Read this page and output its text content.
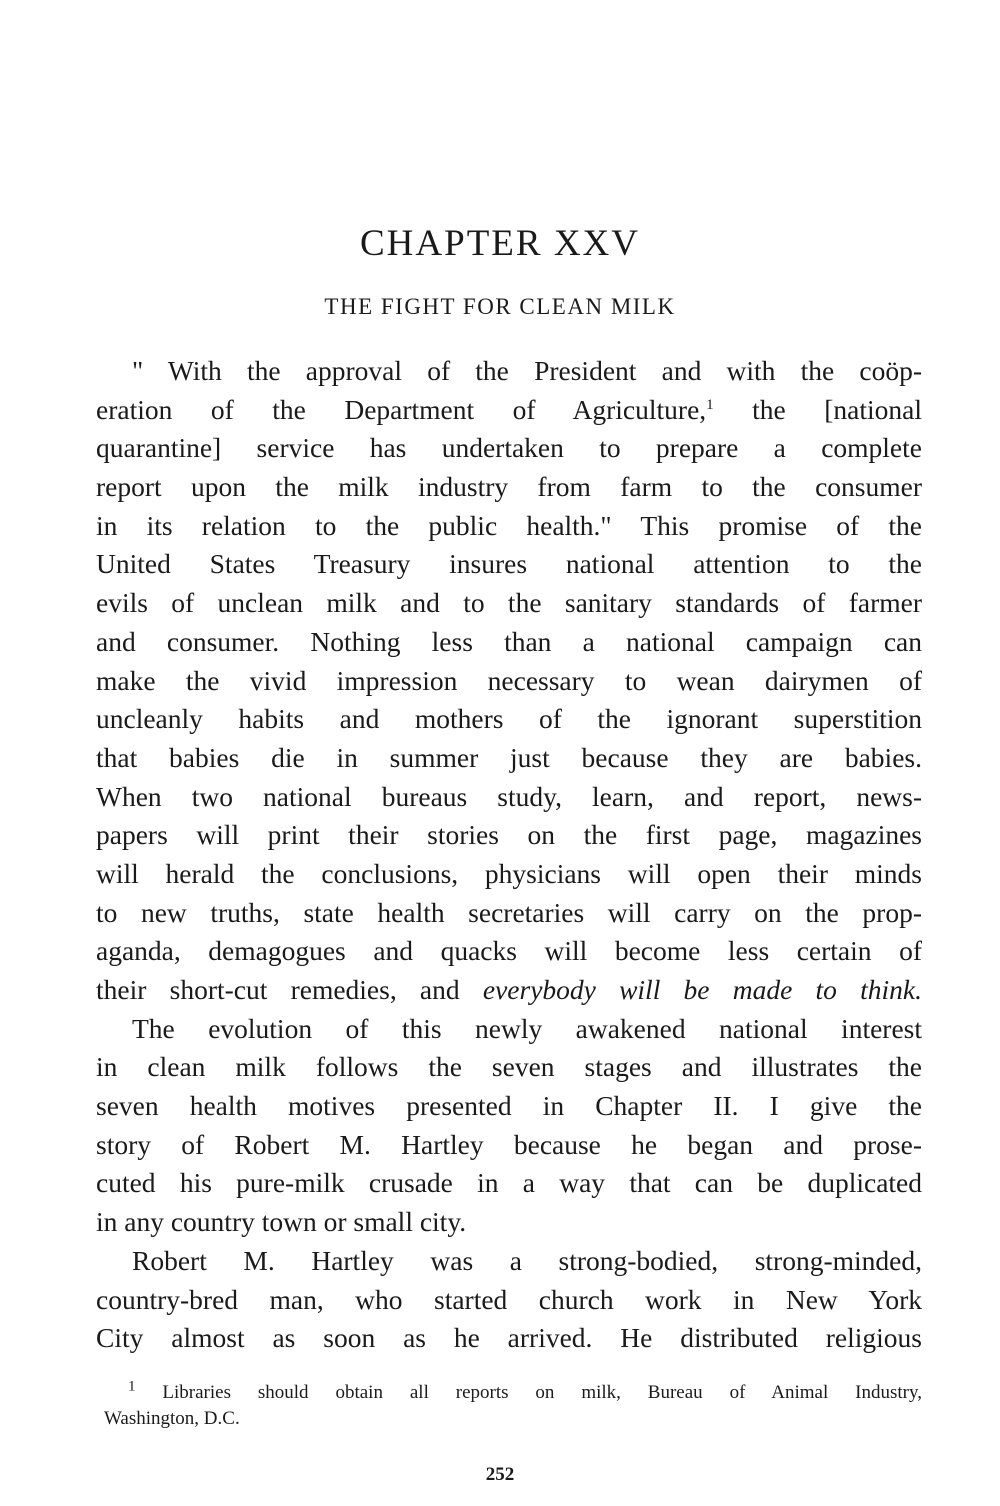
CHAPTER XXV
THE FIGHT FOR CLEAN MILK
" With the approval of the President and with the coöp-
eration of the Department of Agriculture,$^1$ the [national
quarantine] service has undertaken to prepare a complete
report upon the milk industry from farm to the consumer
in its relation to the public health." This promise of the
United States Treasury insures national attention to the
evils of unclean milk and to the sanitary standards of farmer
and consumer. Nothing less than a national campaign can
make the vivid impression necessary to wean dairymen of
uncleanly habits and mothers of the ignorant superstition
that babies die in summer just because they are babies.
When two national bureaus study, learn, and report, news-
papers will print their stories on the first page, magazines
will herald the conclusions, physicians will open their minds
to new truths, state health secretaries will carry on the prop-
aganda, demagogues and quacks will become less certain of
their short-cut remedies, and everybody will be made to think.
The evolution of this newly awakened national interest
in clean milk follows the seven stages and illustrates the
seven health motives presented in Chapter II. I give the
story of Robert M. Hartley because he began and prose-
cuted his pure-milk crusade in a way that can be duplicated
in any country town or small city.
Robert M. Hartley was a strong-bodied, strong-minded,
country-bred man, who started church work in New York
City almost as soon as he arrived. He distributed religious
$^1$ Libraries should obtain all reports on milk, Bureau of Animal Industry,
Washington, D.C.
252
